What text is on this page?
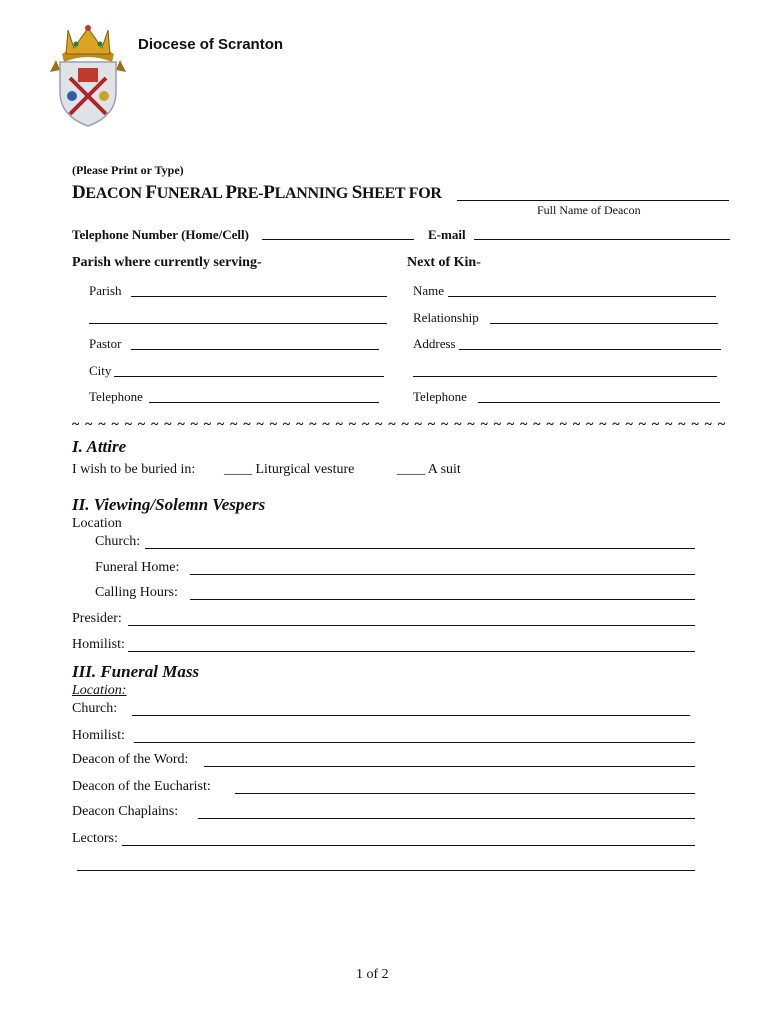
Diocese of Scranton
(Please Print or Type)
DEACON FUNERAL PRE-PLANNING SHEET FOR
Full Name of Deacon
Telephone Number (Home/Cell)	E-mail
Parish where currently serving-
Parish
Pastor
City
Telephone
Next of Kin-
Name
Relationship
Address
Telephone
~ ~ ~ ~ ~ ~ ~ ~ ~ ~ ~ ~ ~ ~ ~ ~ ~ ~ ~ ~ ~ ~ ~ ~ ~ ~ ~ ~ ~ ~ ~ ~ ~ ~ ~ ~ ~ ~ ~ ~ ~ ~ ~ ~ ~ ~ ~ ~ ~ ~
I. Attire
I wish to be buried in: ____ Liturgical vesture	____ A suit
II. Viewing/Solemn Vespers
Location
Church:
Funeral Home:
Calling Hours:
Presider:
Homilist:
III. Funeral Mass
Location:
Church:
Homilist:
Deacon of the Word:
Deacon of the Eucharist:
Deacon Chaplains:
Lectors:
1 of 2
